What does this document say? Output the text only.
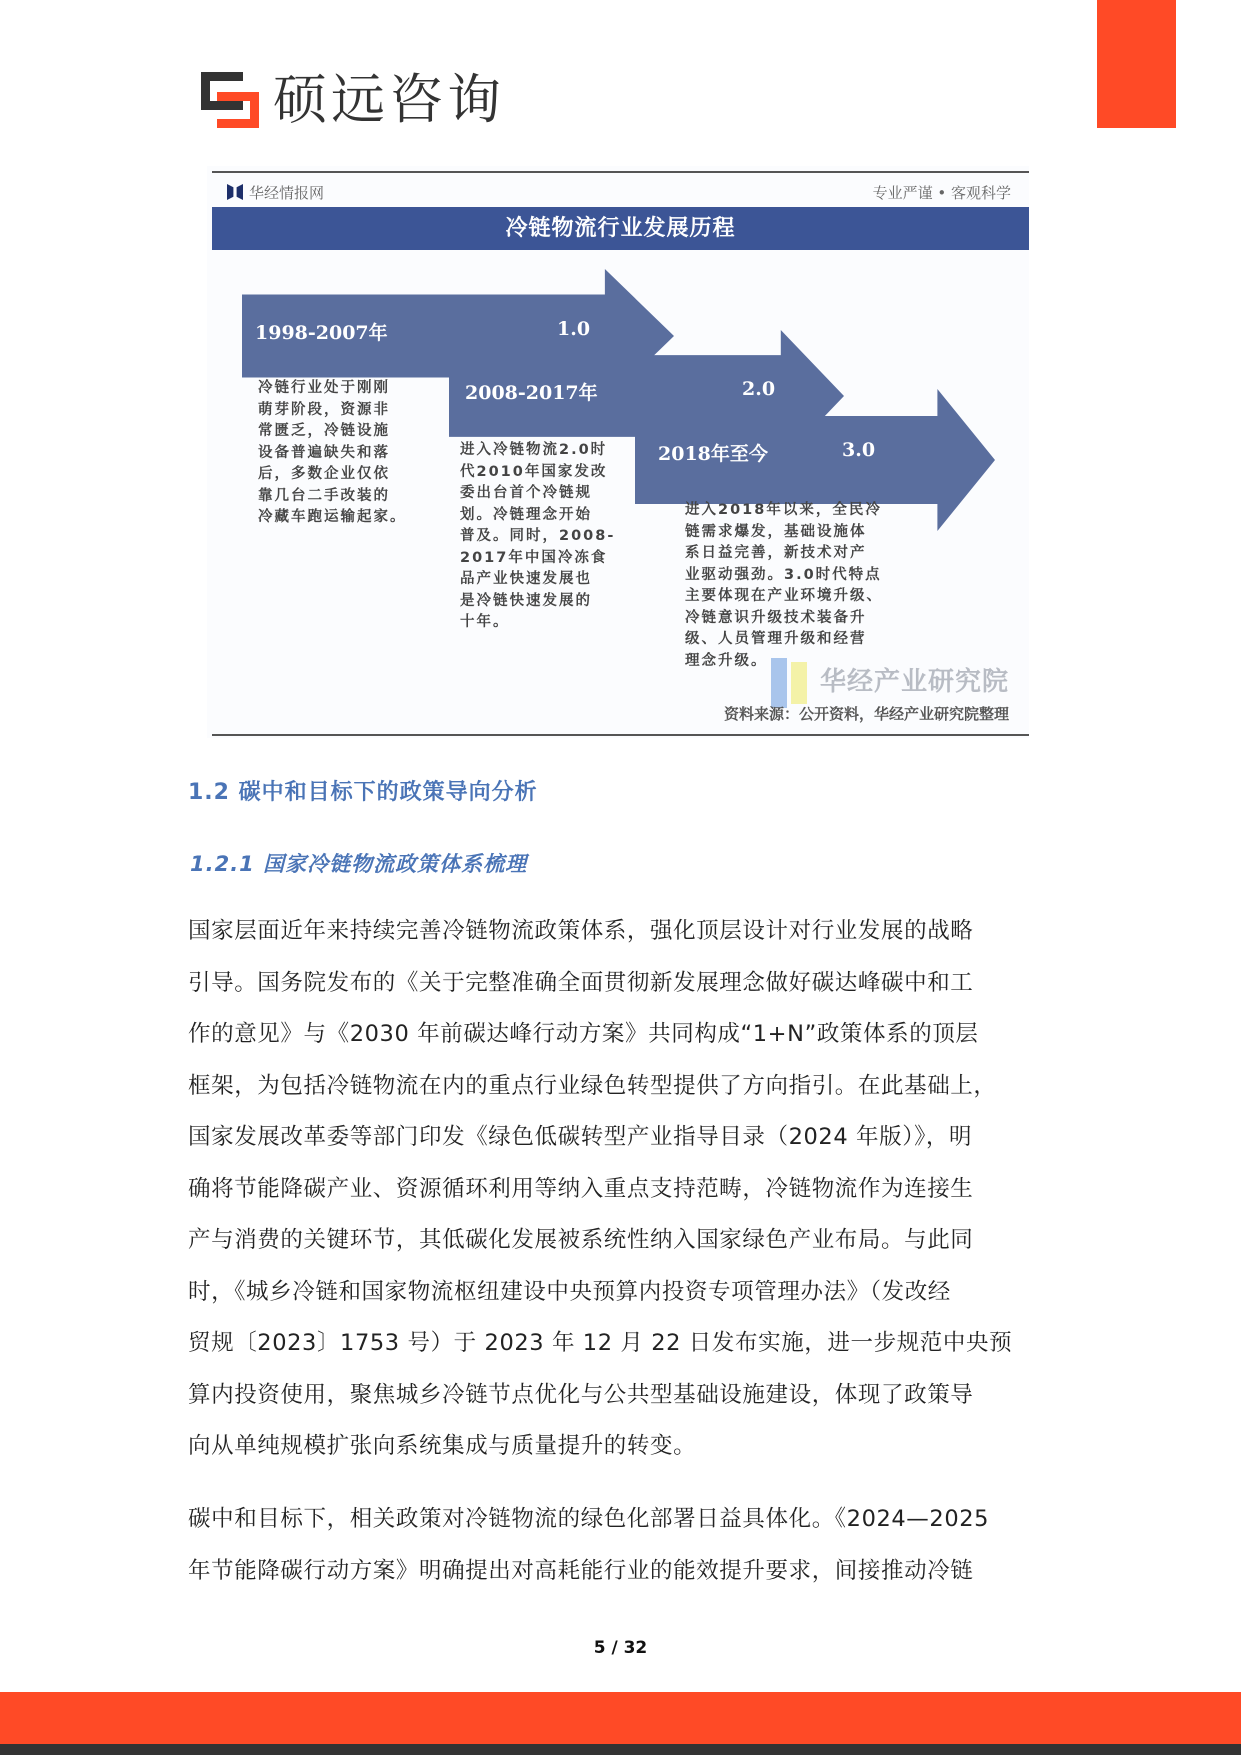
硕远咨询
华经情报网	专业严谨 • 客观科学
冷链物流行业发展历程
1998-2007年	1.0
2008-2017年	2.0
2018年至今	3.0
冷链行业处于刚刚
萌芽阶段，资源非
常匮乏，冷链设施
设备普遍缺失和落
后，多数企业仅依
靠几台二手改装的
冷藏车跑运输起家。
进入冷链物流2.0时
代2010年国家发改
委出台首个冷链规
划。冷链理念开始
普及。同时，2008-
2017年中国冷冻食
品产业快速发展也
是冷链快速发展的
十年。
进入2018年以来，全民冷
链需求爆发，基础设施体
系日益完善，新技术对产
业驱动强劲。3.0时代特点
主要体现在产业环境升级、
冷链意识升级技术装备升
级、人员管理升级和经营
理念升级。
华经产业研究院
资料来源：公开资料，华经产业研究院整理
1.2 碳中和目标下的政策导向分析
1.2.1 国家冷链物流政策体系梳理
国家层面近年来持续完善冷链物流政策体系，强化顶层设计对行业发展的战略
引导。国务院发布的《关于完整准确全面贯彻新发展理念做好碳达峰碳中和工
作的意见》与《2030 年前碳达峰行动方案》共同构成“1+N”政策体系的顶层
框架，为包括冷链物流在内的重点行业绿色转型提供了方向指引。在此基础上，
国家发展改革委等部门印发《绿色低碳转型产业指导目录（2024 年版）》，明
确将节能降碳产业、资源循环利用等纳入重点支持范畴，冷链物流作为连接生
产与消费的关键环节，其低碳化发展被系统性纳入国家绿色产业布局。与此同
时，《城乡冷链和国家物流枢纽建设中央预算内投资专项管理办法》（发改经
贸规〔2023〕1753 号）于 2023 年 12 月 22 日发布实施，进一步规范中央预
算内投资使用，聚焦城乡冷链节点优化与公共型基础设施建设，体现了政策导
向从单纯规模扩张向系统集成与质量提升的转变。
碳中和目标下，相关政策对冷链物流的绿色化部署日益具体化。《2024—2025
年节能降碳行动方案》明确提出对高耗能行业的能效提升要求，间接推动冷链
5 / 32
